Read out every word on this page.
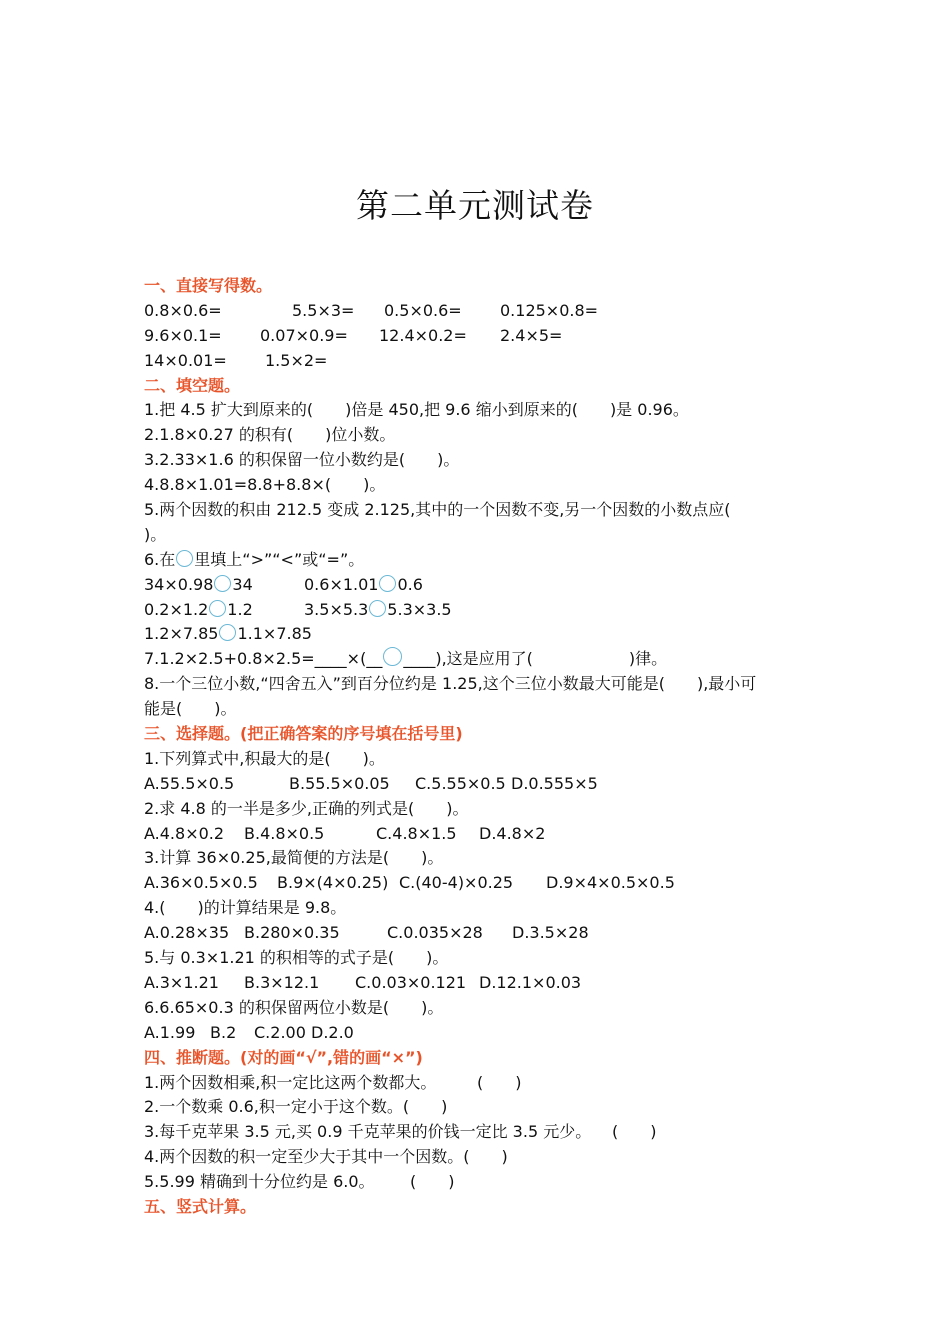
第二单元测试卷
一、直接写得数。
0.8×0.6=	5.5×3= 0.5×0.6= 0.125×0.8=
9.6×0.1= 0.07×0.9= 12.4×0.2= 2.4×5=
14×0.01= 1.5×2=
二、填空题。
1.把 4.5 扩大到原来的(　　)倍是 450,把 9.6 缩小到原来的(　　)是 0.96。
2.1.8×0.27 的积有(　　)位小数。
3.2.33×1.6 的积保留一位小数约是(　　)。
4.8.8×1.01=8.8+8.8×(　　)。
5.两个因数的积由 212.5 变成 2.125,其中的一个因数不变,另一个因数的小数点应(
)。
6.在 里填上“>”“<”或“=”。
34×0.98 34	0.6×1.01 0.6
0.2×1.2 1.2	3.5×5.3 5.3×3.5
1.2×7.85 1.1×7.85
7.1.2×2.5+0.8×2.5=____×(__ ____),这是应用了(　　　　　　)律。
8.一个三位小数,“四舍五入”到百分位约是 1.25,这个三位小数最大可能是(　　),最小可
能是(　　)。
三、选择题。(把正确答案的序号填在括号里)
1.下列算式中,积最大的是(　　)。
A.55.5×0.5	B.55.5×0.05 C.5.55×0.5 D.0.555×5
2.求 4.8 的一半是多少,正确的列式是(　　)。
A.4.8×0.2 B.4.8×0.5	C.4.8×1.5 D.4.8×2
3.计算 36×0.25,最简便的方法是(　　)。
A.36×0.5×0.5 B.9×(4×0.25) C.(40-4)×0.25 D.9×4×0.5×0.5
4.(　　)的计算结果是 9.8。
A.0.28×35 B.280×0.35	C.0.035×28 D.3.5×28
5.与 0.3×1.21 的积相等的式子是(　　)。
A.3×1.21 B.3×12.1 C.0.03×0.121 D.12.1×0.03
6.6.65×0.3 的积保留两位小数是(　　)。
A.1.99 B.2 C.2.00 D.2.0
四、推断题。(对的画“√”,错的画“×”)
1.两个因数相乘,积一定比这两个数都大。	(　　)
2.一个数乘 0.6,积一定小于这个数。(　　)
3.每千克苹果 3.5 元,买 0.9 千克苹果的价钱一定比 3.5 元少。 (　　)
4.两个因数的积一定至少大于其中一个因数。(　　)
5.5.99 精确到十分位约是 6.0。 (　　)
五、竖式计算。
